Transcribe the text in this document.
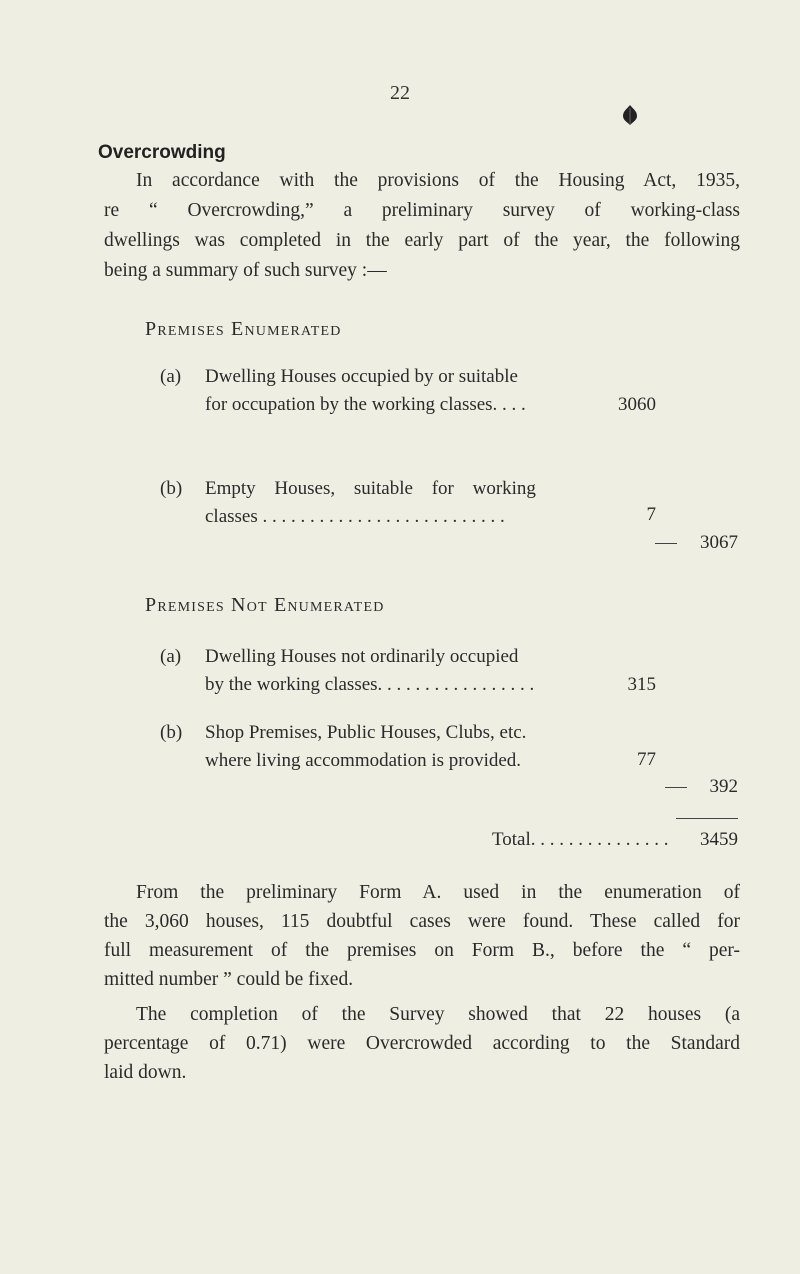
22
Overcrowding
In accordance with the provisions of the Housing Act, 1935,
re “ Overcrowding,” a preliminary survey of working-class
dwellings was completed in the early part of the year, the following
being a summary of such survey :—
Premises Enumerated
(a) Dwelling Houses occupied by or suitable
for occupation by the working classes. . . .	3060
(b) Empty Houses, suitable for working
classes . . . . . . . . . . . . . . . . . . . . . . . . . .	7
3067
Premises Not Enumerated
(a) Dwelling Houses not ordinarily occupied
by the working classes. . . . . . . . . . . . . . . . .	315
(b) Shop Premises, Public Houses, Clubs, etc.
where living accommodation is provided.	77
392
Total. . . . . . . . . . . . . . .	3459
From the preliminary Form A. used in the enumeration of
the 3,060 houses, 115 doubtful cases were found. These called for
full measurement of the premises on Form B., before the “ per-
mitted number ” could be fixed.
The completion of the Survey showed that 22 houses (a
percentage of 0.71) were Overcrowded according to the Standard
laid down.
